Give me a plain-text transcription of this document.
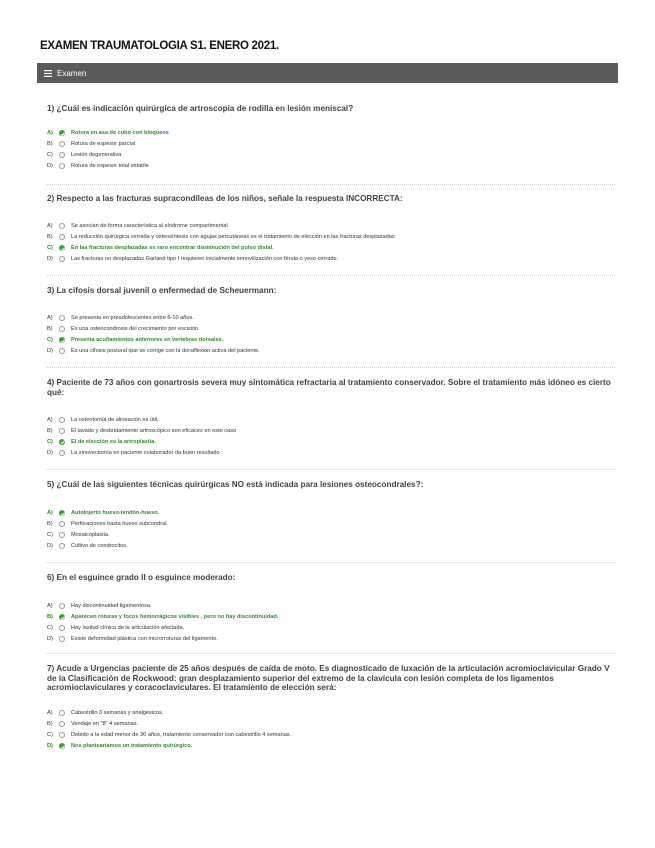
EXAMEN TRAUMATOLOGIA S1. ENERO 2021.
Examen
1) ¿Cuál es indicación quirúrgica de artroscopia de rodilla en lesión meniscal?
A)	Rotura en asa de cubo con bloqueos
B)	Rotura de espesor parcial
C)	Lesión degenerativa
D)	Rotura de espesor total estable
2) Respecto a las fracturas supracondíleas de los niños, señale la respuesta INCORRECTA:
A)	Se asocian de forma característica al síndrome compartimental
B)	La reducción quirúrgica cerrada y osteosíntesis con agujas percutáneas es el tratamiento de elección en las fracturas desplazadas
C)	En las fracturas desplazadas es raro encontrar disminución del pulso distal.
D)	Las fracturas no desplazadas Garland tipo I requieren inicialmente inmovilización con férula o yeso cerrado.
3) La cifosis dorsal juvenil o enfermedad de Scheuermann:
A)	Se presenta en preadolescentes entre 6-10 años.
B)	Es una osteocondrosis del crecimiento por escisión.
C)	Presenta acuñamientos anteriores en vertebras dorsales.
D)	Es una cifosis postural que se corrige con la dorsiflexion activa del paciente.
4) Paciente de 73 años con gonartrosis severa muy sintomática refractaria al tratamiento conservador. Sobre el tratamiento más idóneo es cierto qué:
A)	La osteotomía de alineación es útil.
B)	El lavado y desbridamiento artroscópico son eficaces en este caso
C)	El de elección es la artroplastia.
D)	La sinovectomía en paciente colaborador da buen resultado
5) ¿Cuál de las siguientes técnicas quirúrgicas NO está indicada para lesiones osteocondrales?:
A)	Autoinjerto hueso-tendón-hueso.
B)	Perforaciones hasta hueso subcondral.
C)	Mosaicoplastia.
D)	Cultivo de condrocitos.
6) En el esguince grado II o esguince moderado:
A)	Hay discontinuidad ligamentosa.
B)	Aparecen roturas y focos hemorrágicos visibles , pero no hay discontinuidad.
C)	Hay laxitud clínica de la articulación afectada.
D)	Existe deformidad plástica con microrroturas del ligamento.
7) Acude a Urgencias paciente de 25 años después de caída de moto. Es diagnosticado de luxación de la articulación acromioclavicular Grado V de la Clasificación de Rockwood: gran desplazamiento superior del extremo de la clavícula con lesión completa de los ligamentos acromioclaviculares y coracoclaviculares. El tratamiento de elección será:
A)	Cabestrillo 3 semanas y analgésicos.
B)	Vendaje en "8" 4 semanas.
C)	Debido a la edad menor de 30 años, tratamiento conservador con cabestrillo 4 semanas.
D)	Nos plantearíamos un tratamiento quirúrgico.
